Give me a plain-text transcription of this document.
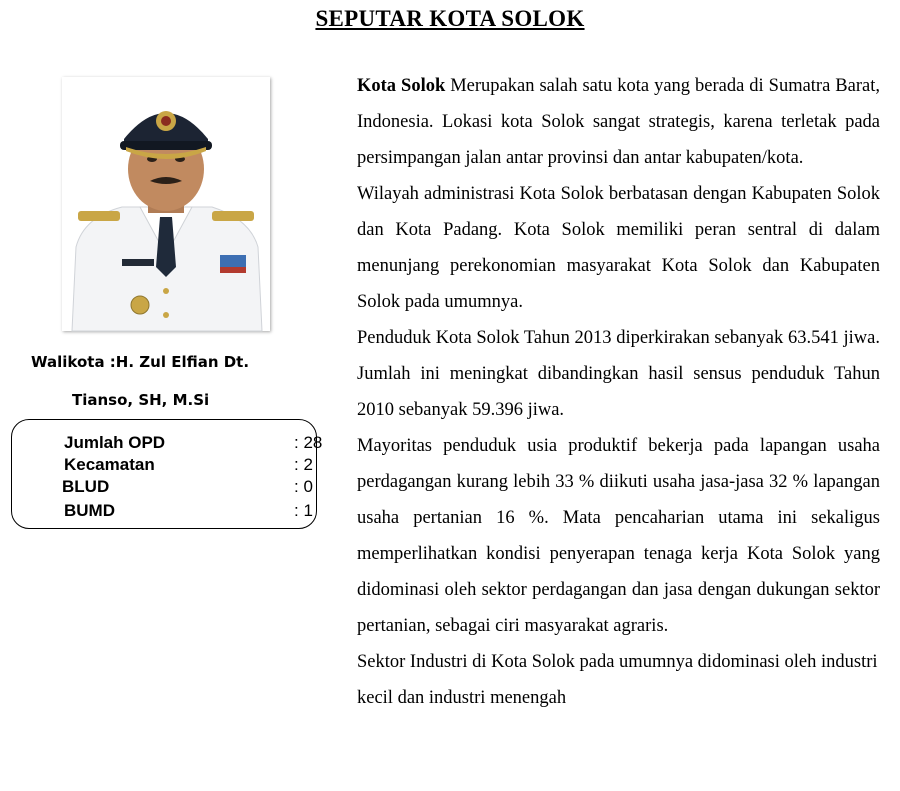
SEPUTAR KOTA SOLOK
Walikota :H. Zul Elfian Dt.
Tianso, SH, M.Si
Jumlah OPD	: 28
Kecamatan	: 2
BLUD	: 0
BUMD	: 1

Kota Solok Merupakan salah satu kota yang berada di Sumatra Barat, Indonesia. Lokasi kota Solok sangat strategis, karena terletak pada persimpangan jalan antar provinsi dan antar kabupaten/kota.

Wilayah administrasi Kota Solok berbatasan dengan Kabupaten Solok dan Kota Padang. Kota Solok memiliki peran sentral di dalam menunjang perekonomian masyarakat Kota Solok dan Kabupaten Solok pada umumnya.

Penduduk Kota Solok Tahun 2013 diperkirakan sebanyak 63.541 jiwa. Jumlah ini meningkat dibandingkan hasil sensus penduduk Tahun 2010 sebanyak 59.396 jiwa.

Mayoritas penduduk usia produktif bekerja pada lapangan usaha perdagangan kurang lebih 33 % diikuti usaha jasa-jasa 32 % lapangan usaha pertanian 16 %. Mata pencaharian utama ini sekaligus memperlihatkan kondisi penyerapan tenaga kerja Kota Solok yang didominasi oleh sektor perdagangan dan jasa dengan dukungan sektor pertanian, sebagai ciri masyarakat agraris.

Sektor Industri di Kota Solok pada umumnya didominasi oleh industri kecil dan industri menengah
